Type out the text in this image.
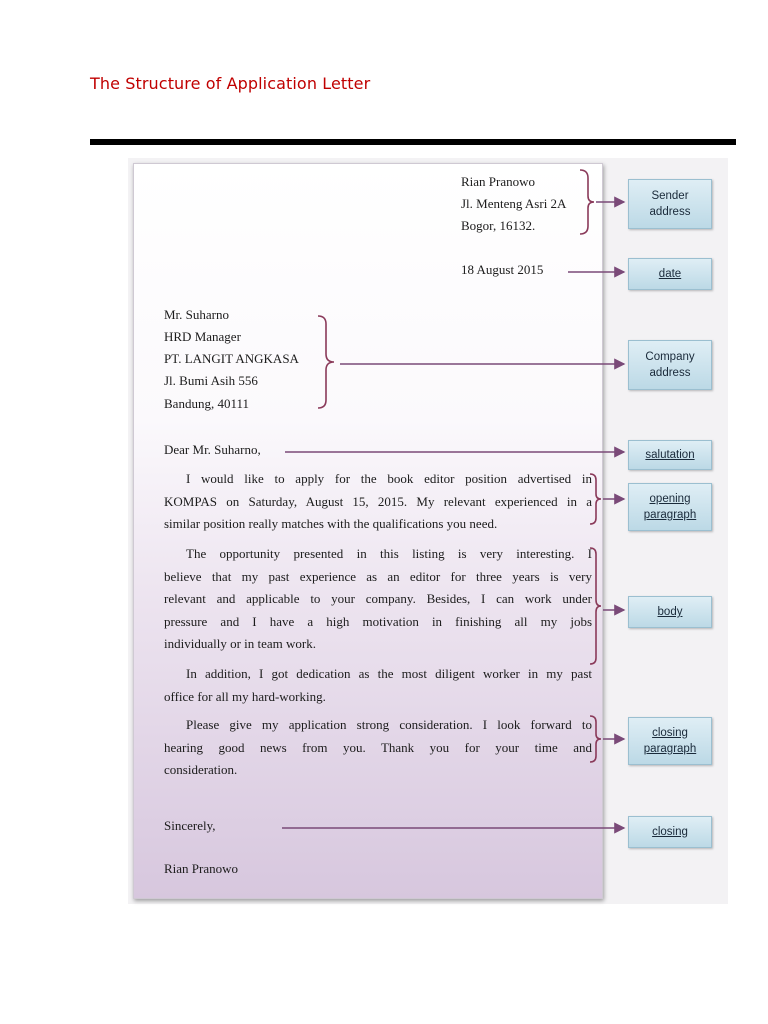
The Structure of Application Letter
Rian Pranowo
Jl. Menteng Asri 2A
Bogor, 16132.
18 August 2015
Mr. Suharno
HRD Manager
PT. LANGIT ANGKASA
Jl. Bumi Asih 556
Bandung, 40111
Dear Mr. Suharno,
I would like to apply for the book editor position advertised in
KOMPAS on Saturday, August 15, 2015. My relevant experienced in a
similar position really matches with the qualifications you need.
The opportunity presented in this listing is very interesting. I
believe that my past experience as an editor for three years is very
relevant and applicable to your company. Besides, I can work under
pressure and I have a high motivation in finishing all my jobs
individually or in team work.
In addition, I got dedication as the most diligent worker in my past
office for all my hard-working.
Please give my application strong consideration. I look forward to
hearing good news from you. Thank you for your time and
consideration.
Sincerely,
Rian Pranowo
Sender
address
date
Company
address
salutation
opening
paragraph
body
closing
paragraph
closing
